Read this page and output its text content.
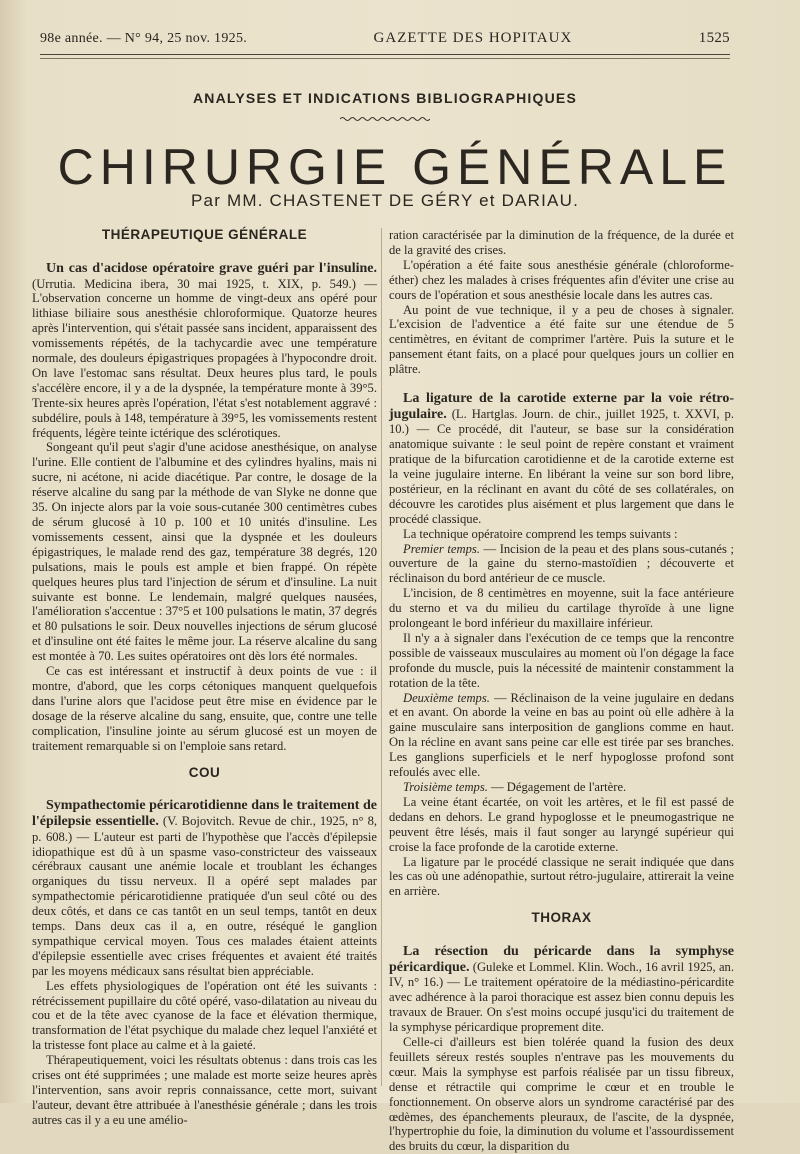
98e année. — N° 94, 25 nov. 1925.	GAZETTE DES HOPITAUX	1525
ANALYSES ET INDICATIONS BIBLIOGRAPHIQUES
CHIRURGIE GÉNÉRALE
Par MM. CHASTENET DE GÉRY et DARIAU.
THÉRAPEUTIQUE GÉNÉRALE

Un cas d'acidose opératoire grave guéri par l'insuline. (Urrutia. Medicina ibera, 30 mai 1925, t. XIX, p. 549.) — L'observation concerne un homme de vingt-deux ans opéré pour lithiase biliaire sous anesthésie chloroformique. Quatorze heures après l'intervention, qui s'était passée sans incident, apparaissent des vomissements répétés, de la tachycardie avec une température normale, des douleurs épigastriques propagées à l'hypocondre droit. On lave l'estomac sans résultat. Deux heures plus tard, le pouls s'accélère encore, il y a de la dyspnée, la température monte à 39°5. Trente-six heures après l'opération, l'état s'est notablement aggravé : subdélire, pouls à 148, température à 39°5, les vomissements restent fréquents, légère teinte ictérique des sclérotiques.

Songeant qu'il peut s'agir d'une acidose anesthésique, on analyse l'urine. Elle contient de l'albumine et des cylindres hyalins, mais ni sucre, ni acétone, ni acide diacétique. Par contre, le dosage de la réserve alcaline du sang par la méthode de van Slyke ne donne que 35. On injecte alors par la voie sous-cutanée 300 centimètres cubes de sérum glucosé à 10 p. 100 et 10 unités d'insuline. Les vomissements cessent, ainsi que la dyspnée et les douleurs épigastriques, le malade rend des gaz, température 38 degrés, 120 pulsations, mais le pouls est ample et bien frappé. On répète quelques heures plus tard l'injection de sérum et d'insuline. La nuit suivante est bonne. Le lendemain, malgré quelques nausées, l'amélioration s'accentue : 37°5 et 100 pulsations le matin, 37 degrés et 80 pulsations le soir. Deux nouvelles injections de sérum glucosé et d'insuline ont été faites le même jour. La réserve alcaline du sang est montée à 70. Les suites opératoires ont dès lors été normales.

Ce cas est intéressant et instructif à deux points de vue : il montre, d'abord, que les corps cétoniques manquent quelquefois dans l'urine alors que l'acidose peut être mise en évidence par le dosage de la réserve alcaline du sang, ensuite, que, contre une telle complication, l'insuline jointe au sérum glucosé est un moyen de traitement remarquable si on l'emploie sans retard.

COU

Sympathectomie péricarotidienne dans le traitement de l'épilepsie essentielle. (V. Bojovitch. Revue de chir., 1925, n° 8, p. 608.) — L'auteur est parti de l'hypothèse que l'accès d'épilepsie idiopathique est dû à un spasme vaso-constricteur des vaisseaux cérébraux causant une anémie locale et troublant les échanges organiques du tissu nerveux. Il a opéré sept malades par sympathectomie péricarotidienne pratiquée d'un seul côté ou des deux côtés, et dans ce cas tantôt en un seul temps, tantôt en deux temps. Dans deux cas il a, en outre, réséqué le ganglion sympathique cervical moyen. Tous ces malades étaient atteints d'épilepsie essentielle avec crises fréquentes et avaient été traités par les moyens médicaux sans résultat bien appréciable.

Les effets physiologiques de l'opération ont été les suivants : rétrécissement pupillaire du côté opéré, vaso-dilatation au niveau du cou et de la tête avec cyanose de la face et élévation thermique, transformation de l'état psychique du malade chez lequel l'anxiété et la tristesse font place au calme et à la gaieté.

Thérapeutiquement, voici les résultats obtenus : dans trois cas les crises ont été supprimées ; une malade est morte seize heures après l'intervention, sans avoir repris connaissance, cette mort, suivant l'auteur, devant être attribuée à l'anesthésie générale ; dans les trois autres cas il y a eu une amélio-

ration caractérisée par la diminution de la fréquence, de la durée et de la gravité des crises.

L'opération a été faite sous anesthésie générale (chloroforme-éther) chez les malades à crises fréquentes afin d'éviter une crise au cours de l'opération et sous anesthésie locale dans les autres cas.

Au point de vue technique, il y a peu de choses à signaler. L'excision de l'adventice a été faite sur une étendue de 5 centimètres, en évitant de comprimer l'artère. Puis la suture et le pansement étant faits, on a placé pour quelques jours un collier en plâtre.

La ligature de la carotide externe par la voie rétro-jugulaire. (L. Hartglas. Journ. de chir., juillet 1925, t. XXVI, p. 10.) — Ce procédé, dit l'auteur, se base sur la considération anatomique suivante : le seul point de repère constant et vraiment pratique de la bifurcation carotidienne et de la carotide externe est la veine jugulaire interne. En libérant la veine sur son bord libre, postérieur, en la réclinant en avant du côté de ses collatérales, on découvre les carotides plus aisément et plus largement que dans le procédé classique.

La technique opératoire comprend les temps suivants :

Premier temps. — Incision de la peau et des plans sous-cutanés ; ouverture de la gaine du sterno-mastoïdien ; découverte et réclinaison du bord antérieur de ce muscle.

L'incision, de 8 centimètres en moyenne, suit la face antérieure du sterno et va du milieu du cartilage thyroïde à une ligne prolongeant le bord inférieur du maxillaire inférieur.

Il n'y a à signaler dans l'exécution de ce temps que la rencontre possible de vaisseaux musculaires au moment où l'on dégage la face profonde du muscle, puis la nécessité de maintenir constamment la rotation de la tête.

Deuxième temps. — Réclinaison de la veine jugulaire en dedans et en avant. On aborde la veine en bas au point où elle adhère à la gaine musculaire sans interposition de ganglions comme en haut. On la récline en avant sans peine car elle est tirée par ses branches. Les ganglions superficiels et le nerf hypoglosse profond sont refoulés avec elle.

Troisième temps. — Dégagement de l'artère.

La veine étant écartée, on voit les artères, et le fil est passé de dedans en dehors. Le grand hypoglosse et le pneumogastrique ne peuvent être lésés, mais il faut songer au laryngé supérieur qui croise la face profonde de la carotide externe.

La ligature par le procédé classique ne serait indiquée que dans les cas où une adénopathie, surtout rétro-jugulaire, attirerait la veine en arrière.

THORAX

La résection du péricarde dans la symphyse péricardique. (Guleke et Lommel. Klin. Woch., 16 avril 1925, an. IV, n° 16.) — Le traitement opératoire de la médiastino-péricardite avec adhérence à la paroi thoracique est assez bien connu depuis les travaux de Brauer. On s'est moins occupé jusqu'ici du traitement de la symphyse péricardique proprement dite.

Celle-ci d'ailleurs est bien tolérée quand la fusion des deux feuillets séreux restés souples n'entrave pas les mouvements du cœur. Mais la symphyse est parfois réalisée par un tissu fibreux, dense et rétractile qui comprime le cœur et en trouble le fonctionnement. On observe alors un syndrome caractérisé par des œdèmes, des épanchements pleuraux, de l'ascite, de la dyspnée, l'hypertrophie du foie, la diminution du volume et l'assourdissement des bruits du cœur, la disparition du
